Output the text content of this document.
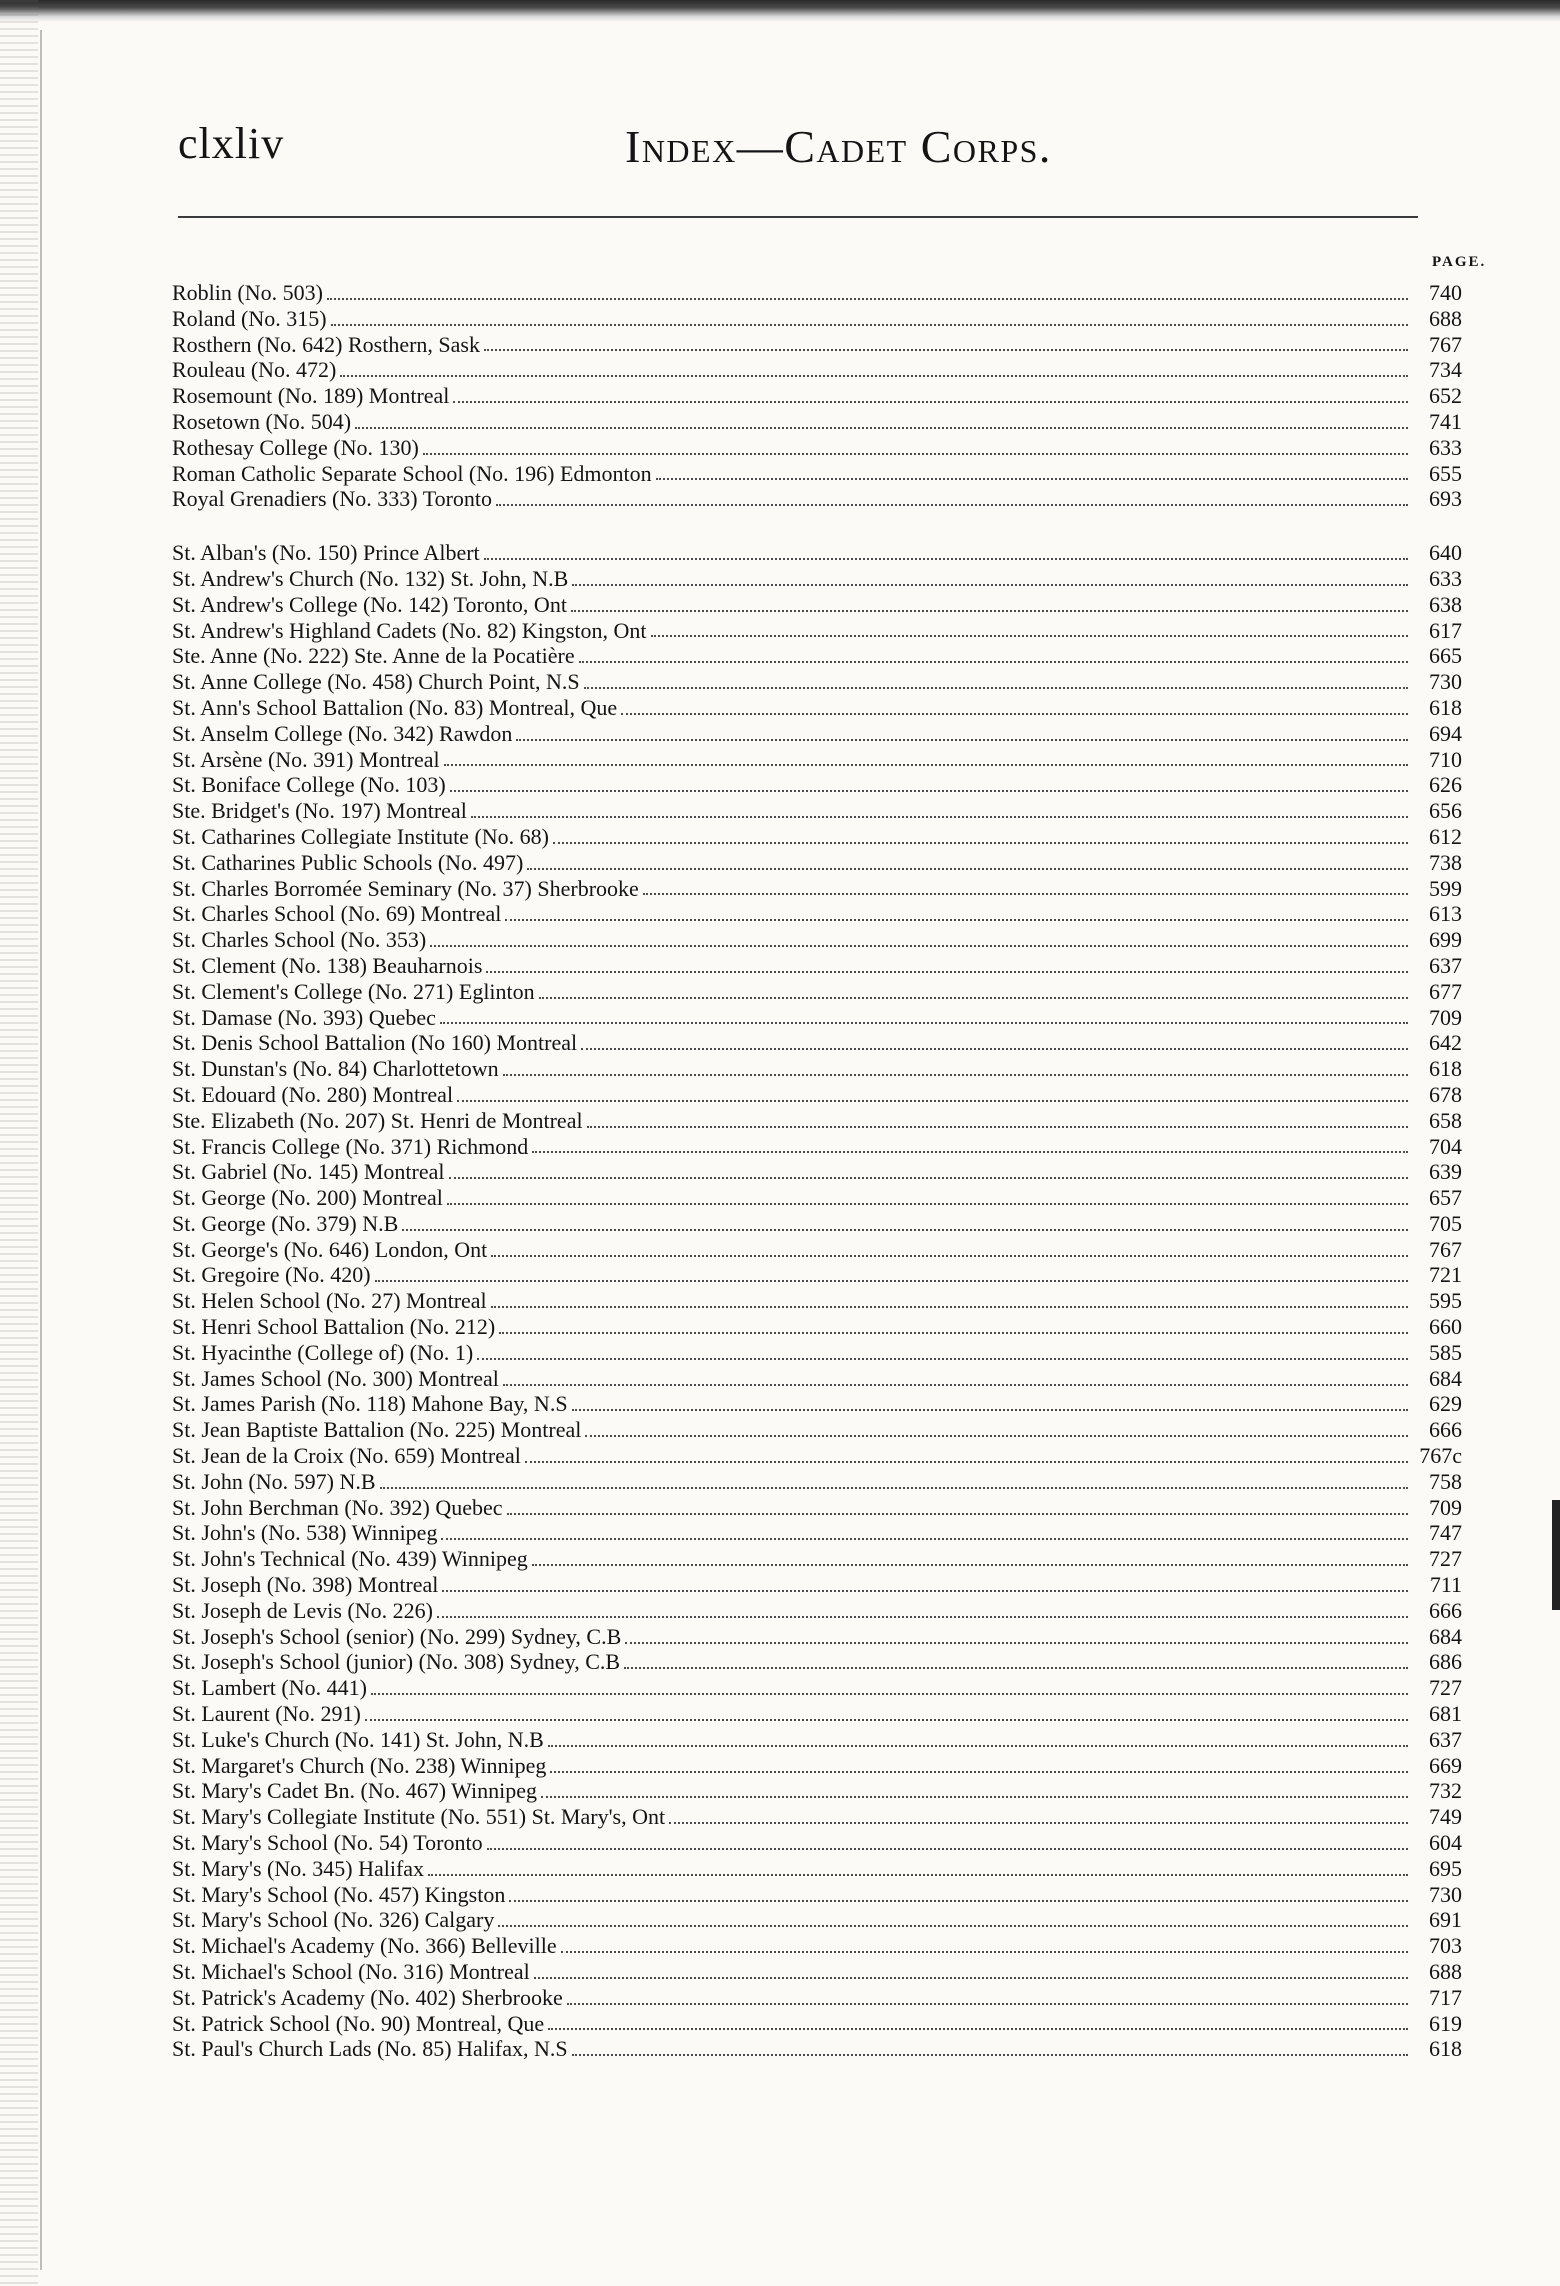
clxliv	Index—Cadet Corps.
PAGE.
Roblin (No. 503)	740
Roland (No. 315)	688
Rosthern (No. 642) Rosthern, Sask	767
Rouleau (No. 472)	734
Rosemount (No. 189) Montreal	652
Rosetown (No. 504)	741
Rothesay College (No. 130)	633
Roman Catholic Separate School (No. 196) Edmonton	655
Royal Grenadiers (No. 333) Toronto	693
St. Alban's (No. 150) Prince Albert	640
St. Andrew's Church (No. 132) St. John, N.B	633
St. Andrew's College (No. 142) Toronto, Ont	638
St. Andrew's Highland Cadets (No. 82) Kingston, Ont	617
Ste. Anne (No. 222) Ste. Anne de la Pocatière	665
St. Anne College (No. 458) Church Point, N.S	730
St. Ann's School Battalion (No. 83) Montreal, Que	618
St. Anselm College (No. 342) Rawdon	694
St. Arsène (No. 391) Montreal	710
St. Boniface College (No. 103)	626
Ste. Bridget's (No. 197) Montreal	656
St. Catharines Collegiate Institute (No. 68)	612
St. Catharines Public Schools (No. 497)	738
St. Charles Borromée Seminary (No. 37) Sherbrooke	599
St. Charles School (No. 69) Montreal	613
St. Charles School (No. 353)	699
St. Clement (No. 138) Beauharnois	637
St. Clement's College (No. 271) Eglinton	677
St. Damase (No. 393) Quebec	709
St. Denis School Battalion (No 160) Montreal	642
St. Dunstan's (No. 84) Charlottetown	618
St. Edouard (No. 280) Montreal	678
Ste. Elizabeth (No. 207) St. Henri de Montreal	658
St. Francis College (No. 371) Richmond	704
St. Gabriel (No. 145) Montreal	639
St. George (No. 200) Montreal	657
St. George (No. 379) N.B	705
St. George's (No. 646) London, Ont	767
St. Gregoire (No. 420)	721
St. Helen School (No. 27) Montreal	595
St. Henri School Battalion (No. 212)	660
St. Hyacinthe (College of) (No. 1)	585
St. James School (No. 300) Montreal	684
St. James Parish (No. 118) Mahone Bay, N.S	629
St. Jean Baptiste Battalion (No. 225) Montreal	666
St. Jean de la Croix (No. 659) Montreal	767c
St. John (No. 597) N.B	758
St. John Berchman (No. 392) Quebec	709
St. John's (No. 538) Winnipeg	747
St. John's Technical (No. 439) Winnipeg	727
St. Joseph (No. 398) Montreal	711
St. Joseph de Levis (No. 226)	666
St. Joseph's School (senior) (No. 299) Sydney, C.B	684
St. Joseph's School (junior) (No. 308) Sydney, C.B	686
St. Lambert (No. 441)	727
St. Laurent (No. 291)	681
St. Luke's Church (No. 141) St. John, N.B	637
St. Margaret's Church (No. 238) Winnipeg	669
St. Mary's Cadet Bn. (No. 467) Winnipeg	732
St. Mary's Collegiate Institute (No. 551) St. Mary's, Ont	749
St. Mary's School (No. 54) Toronto	604
St. Mary's (No. 345) Halifax	695
St. Mary's School (No. 457) Kingston	730
St. Mary's School (No. 326) Calgary	691
St. Michael's Academy (No. 366) Belleville	703
St. Michael's School (No. 316) Montreal	688
St. Patrick's Academy (No. 402) Sherbrooke	717
St. Patrick School (No. 90) Montreal, Que	619
St. Paul's Church Lads (No. 85) Halifax, N.S	618
